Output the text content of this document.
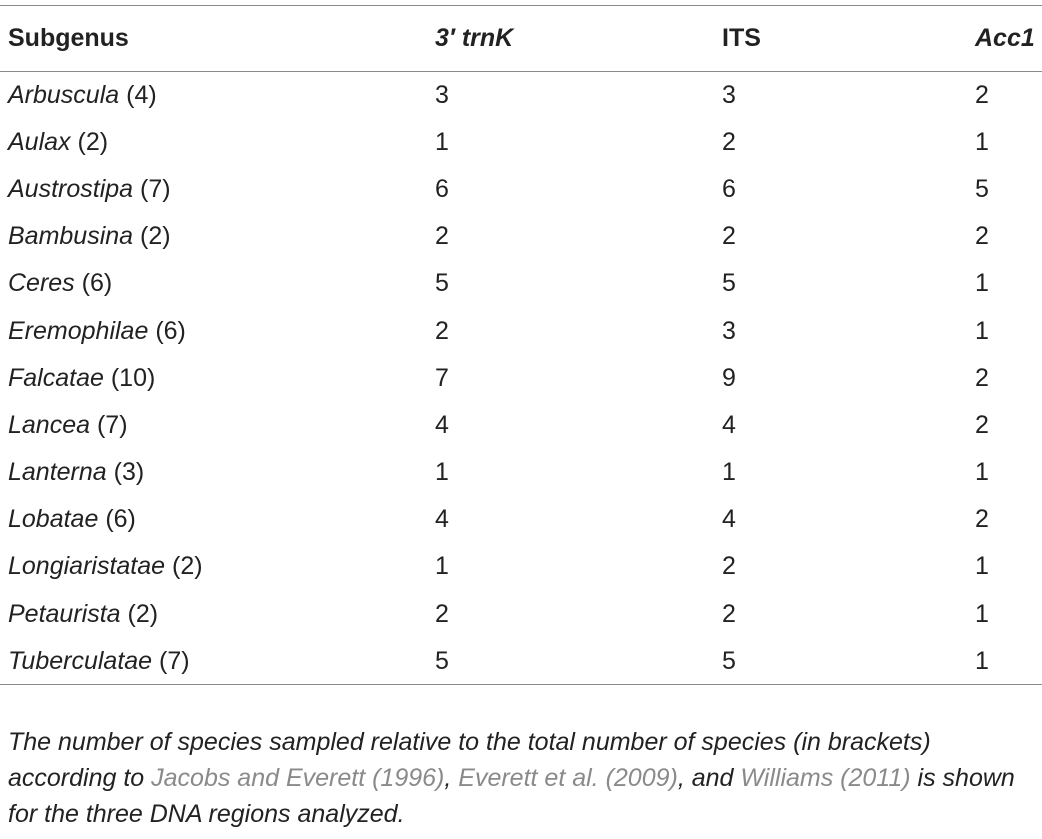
Subgenus	3′ trnK	ITS	Acc1
Arbuscula (4)	3	3	2
Aulax (2)	1	2	1
Austrostipa (7)	6	6	5
Bambusina (2)	2	2	2
Ceres (6)	5	5	1
Eremophilae (6)	2	3	1
Falcatae (10)	7	9	2
Lancea (7)	4	4	2
Lanterna (3)	1	1	1
Lobatae (6)	4	4	2
Longiaristatae (2)	1	2	1
Petaurista (2)	2	2	1
Tuberculatae (7)	5	5	1
The number of species sampled relative to the total number of species (in brackets) according to Jacobs and Everett (1996), Everett et al. (2009), and Williams (2011) is shown for the three DNA regions analyzed.
